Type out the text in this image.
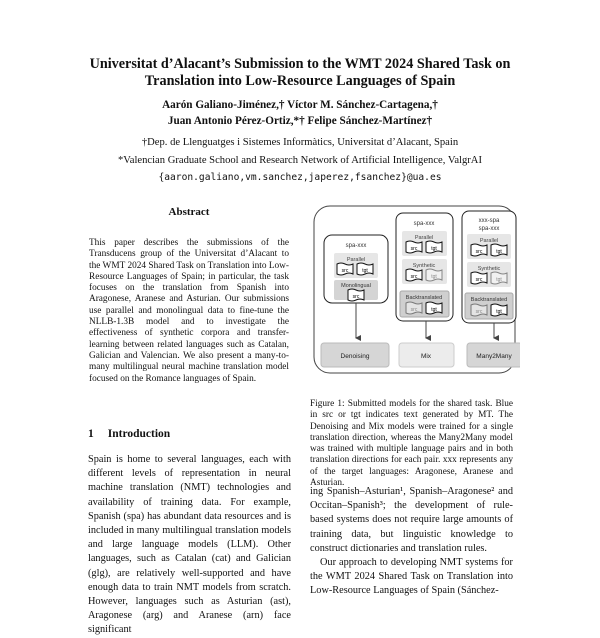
Universitat d’Alacant’s Submission to the WMT 2024 Shared Task on
Translation into Low-Resource Languages of Spain
Aarón Galiano-Jiménez,† Víctor M. Sánchez-Cartagena,†
Juan Antonio Pérez-Ortiz,*† Felipe Sánchez-Martínez†
†Dep. de Llenguatges i Sistemes Informàtics, Universitat d’Alacant, Spain
*Valencian Graduate School and Research Network of Artificial Intelligence, ValgrAI
{aaron.galiano,vm.sanchez,japerez,fsanchez}@ua.es
Abstract
This paper describes the submissions of the Transducens group of the Universitat d’Alacant to the WMT 2024 Shared Task on Translation into Low-Resource Languages of Spain; in particular, the task focuses on the translation from Spanish into Aragonese, Aranese and Asturian. Our submissions use parallel and monolingual data to fine-tune the NLLB-1.3B model and to investigate the effectiveness of synthetic corpora and transfer-learning between related languages such as Catalan, Galician and Valencian. We also present a many-to-many multilingual neural machine translation model focused on the Romance languages of Spain.
1 Introduction
Spain is home to several languages, each with different levels of representation in neural machine translation (NMT) technologies and availability of training data. For example, Spanish (spa) has abundant data resources and is included in many multilingual translation models and large language models (LLM). Other languages, such as Catalan (cat) and Galician (glg), are relatively well-supported and have enough data to train NMT models from scratch. However, languages such as Asturian (ast), Aragonese (arg) and Aranese (arn) face significant
spa-xxx
Parallel
src	tgt
Monolingual
src
Denoising
spa-xxx
Parallel
src	tgt
Synthetic
src	tgt
Backtranslated
src	tgt
Mix
xxx-spa
spa-xxx
Parallel
src	tgt
Synthetic
src	tgt
Backtranslated
src	tgt
Many2Many
Figure 1: Submitted models for the shared task. Blue in src or tgt indicates text generated by MT. The Denoising and Mix models were trained for a single translation direction, whereas the Many2Many model was trained with multiple language pairs and in both translation directions for each pair. xxx represents any of the target languages: Aragonese, Aranese and Asturian.
ing Spanish–Asturian¹, Spanish–Aragonese² and Occitan–Spanish³; the development of rule-based systems does not require large amounts of training data, but linguistic knowledge to construct dictionaries and translation rules.
Our approach to developing NMT systems for the WMT 2024 Shared Task on Translation into Low-Resource Languages of Spain (Sánchez-
